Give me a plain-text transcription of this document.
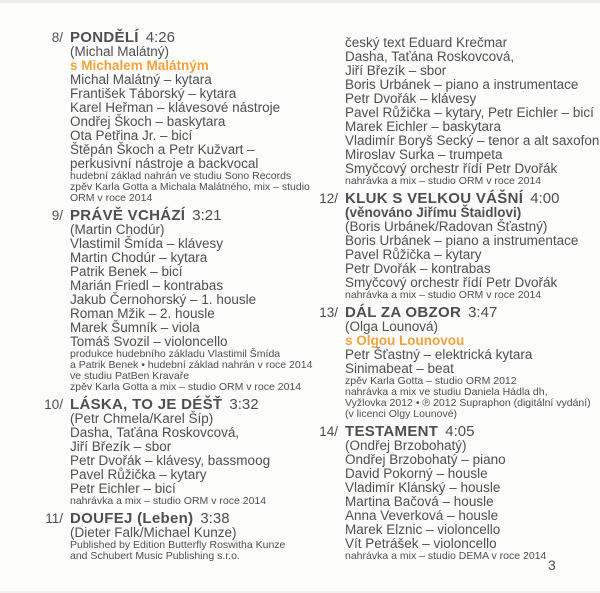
8/ PONDĚLÍ 4:26
(Michal Malátný)
s Michalem Malátným
Michal Malátný – kytara
František Táborský – kytara
Karel Heřman – klávesové nástroje
Ondřej Škoch – baskytara
Ota Petřina Jr. – bicí
Štěpán Škoch a Petr Kužvart –
perkusivní nástroje a backvocal
hudební základ nahrán ve studiu Sono Records
zpěv Karla Gotta a Michala Malátného, mix – studio
ORM v roce 2014
9/ PRÁVĚ VCHÁZÍ 3:21
(Martin Chodúr)
Vlastimil Šmída – klávesy
Martin Chodúr – kytara
Patrik Benek – bicí
Marián Friedl – kontrabas
Jakub Černohorský – 1. housle
Roman Mžik – 2. housle
Marek Šumník – viola
Tomáš Svozil – violoncello
produkce hudebního základu Vlastimil Šmída
a Patrik Benek • hudební základ nahrán v roce 2014
ve studiu PatBen Kravaře
zpěv Karla Gotta a mix – studio ORM v roce 2014
10/ LÁSKA, TO JE DÉŠŤ 3:32
(Petr Chmela/Karel Šíp)
Dasha, Taťána Roskovcová,
Jiří Březík – sbor
Petr Dvořák – klávesy, bassmoog
Pavel Růžička – kytary
Petr Eichler – bicí
nahrávka a mix – studio ORM v roce 2014
11/ DOUFEJ (Leben) 3:38
(Dieter Falk/Michael Kunze)
Published by Edition Butterfly Roswitha Kunze
and Schubert Music Publishing s.r.o.
český text Eduard Krečmar
Dasha, Taťána Roskovcová,
Jiří Březík – sbor
Boris Urbánek – piano a instrumentace
Petr Dvořák – klávesy
Pavel Růžička – kytary, Petr Eichler – bicí
Marek Eichler – baskytara
Vladimír Boryš Secký – tenor a alt saxofon
Miroslav Surka – trumpeta
Smyčcový orchestr řídí Petr Dvořák
nahrávka a mix – studio ORM v roce 2014
12/ KLUK S VELKOU VÁŠNÍ 4:00
(věnováno Jiřímu Štaidlovi)
(Boris Urbánek/Radovan Šťastný)
Boris Urbánek – piano a instrumentace
Pavel Růžička – kytary
Petr Dvořák – kontrabas
Smyčcový orchestr řídí Petr Dvořák
nahrávka a mix – studio ORM v roce 2014
13/ DÁL ZA OBZOR 3:47
(Olga Lounová)
s Olgou Lounovou
Petr Šťastný – elektrická kytara
Sinimabeat – beat
zpěv Karla Gotta – studio ORM 2012
nahrávka a mix ve studiu Daniela Hádla dh,
Vyžlovka 2012 • ℗ 2012 Supraphon (digitální vydání)
(v licenci Olgy Lounové)
14/ TESTAMENT 4:05
(Ondřej Brzobohatý)
Ondřej Brzobohatý – piano
David Pokorný – housle
Vladimír Klánský – housle
Martina Bačová – housle
Anna Veverková – housle
Marek Elznic – violoncello
Vít Petrášek – violoncello
nahrávka a mix – studio DEMA v roce 2014
3
